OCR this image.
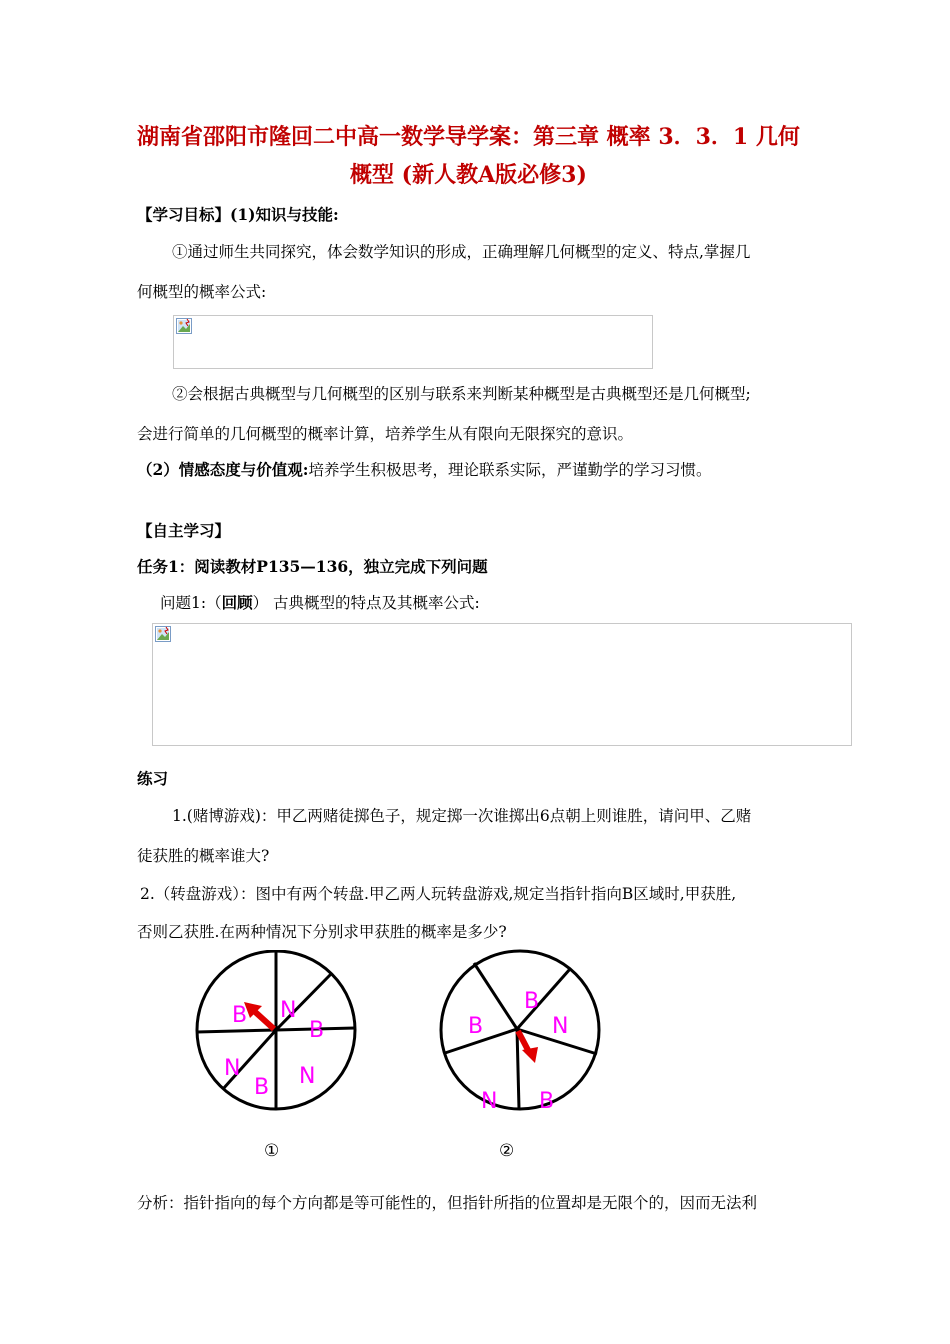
湖南省邵阳市隆回二中高一数学导学案：第三章 概率 3．3．1 几何
概型 (新人教A版必修3)
【学习目标】(1)知识与技能:
①通过师生共同探究，体会数学知识的形成，正确理解几何概型的定义、特点,掌握几
何概型的概率公式:
②会根据古典概型与几何概型的区别与联系来判断某种概型是古典概型还是几何概型;
会进行简单的几何概型的概率计算，培养学生从有限向无限探究的意识。
（2）情感态度与价值观:培养学生积极思考，理论联系实际，严谨勤学的学习习惯。
【自主学习】
任务1：阅读教材P135—136，独立完成下列问题
问题1:（回顾） 古典概型的特点及其概率公式:
练习
1.(赌博游戏)：甲乙两赌徒掷色子，规定掷一次谁掷出6点朝上则谁胜，请问甲、乙赌
徒获胜的概率谁大?
2.（转盘游戏）：图中有两个转盘.甲乙两人玩转盘游戏,规定当指针指向B区域时,甲获胜,
否则乙获胜.在两种情况下分别求甲获胜的概率是多少?
B N
B
N
B N
B
B	N
N B
①	②
分析：指针指向的每个方向都是等可能性的，但指针所指的位置却是无限个的，因而无法利
